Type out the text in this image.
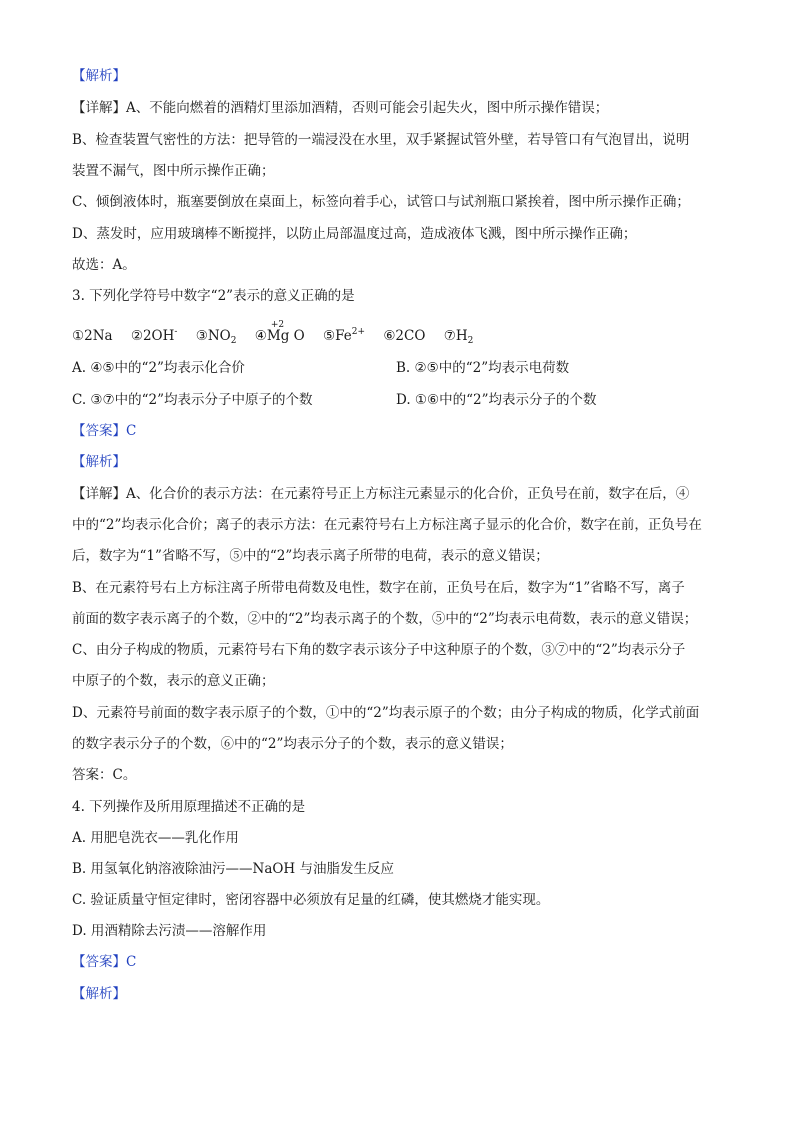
【解析】
【详解】A、不能向燃着的酒精灯里添加酒精，否则可能会引起失火，图中所示操作错误；
B、检查装置气密性的方法：把导管的一端浸没在水里，双手紧握试管外壁，若导管口有气泡冒出，说明
装置不漏气，图中所示操作正确；
C、倾倒液体时，瓶塞要倒放在桌面上，标签向着手心，试管口与试剂瓶口紧挨着，图中所示操作正确；
D、蒸发时，应用玻璃棒不断搅拌，以防止局部温度过高，造成液体飞溅，图中所示操作正确；
故选：A。
3. 下列化学符号中数字“2”表示的意义正确的是
①2Na ②2OH- $③NO_2$ ④
+2
Mg O $⑤Fe^{2+}$ ⑥2CO $⑦H_2$
A. ④⑤中的“2”均表示化合价	B. ②⑤中的“2”均表示电荷数
C. ③⑦中的“2”均表示分子中原子的个数	D. ①⑥中的“2”均表示分子的个数
【答案】C
【解析】
【详解】A、化合价的表示方法：在元素符号正上方标注元素显示的化合价，正负号在前，数字在后，④
中的“2”均表示化合价；离子的表示方法：在元素符号右上方标注离子显示的化合价，数字在前，正负号在
后，数字为“1”省略不写，⑤中的“2”均表示离子所带的电荷，表示的意义错误；
B、在元素符号右上方标注离子所带电荷数及电性，数字在前，正负号在后，数字为“1”省略不写，离子
前面的数字表示离子的个数，②中的“2”均表示离子的个数，⑤中的“2”均表示电荷数，表示的意义错误；
C、由分子构成的物质，元素符号右下角的数字表示该分子中这种原子的个数，③⑦中的“2”均表示分子
中原子的个数，表示的意义正确；
D、元素符号前面的数字表示原子的个数，①中的“2”均表示原子的个数；由分子构成的物质，化学式前面
的数字表示分子的个数，⑥中的“2”均表示分子的个数，表示的意义错误；
答案：C。
4. 下列操作及所用原理描述不正确的是
A. 用肥皂洗衣——乳化作用
B. 用氢氧化钠溶液除油污——NaOH 与油脂发生反应
C. 验证质量守恒定律时，密闭容器中必须放有足量的红磷，使其燃烧才能实现。
D. 用酒精除去污渍——溶解作用
【答案】C
【解析】
